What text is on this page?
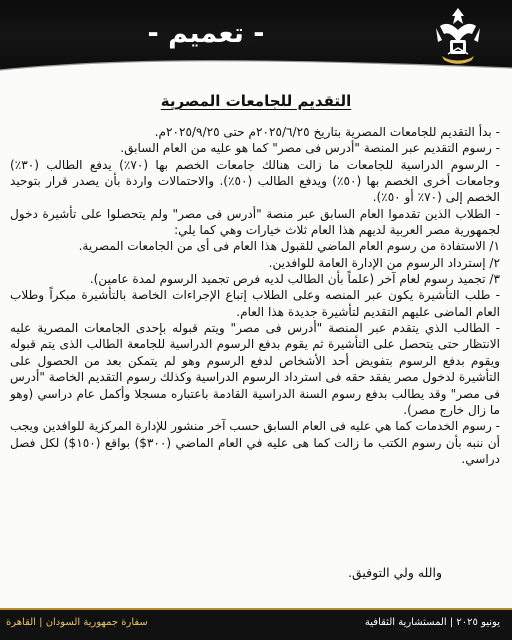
- تعميم -
التقديم للجامعات المصرية

- بدأ التقديم للجامعات المصرية بتاريخ ٢٠٢٥/٦/٢٥م حتى ٢٠٢٥/٩/٢٥م.

- رسوم التقديم عبر المنصة "أدرس فى مصر" كما هو عليه من العام السابق.

- الرسوم الدراسية للجامعات ما زالت هنالك جامعات الخصم بها (٧٠٪) يدفع الطالب (٣٠٪) وجامعات أخرى الخصم بها (٥٠٪) ويدفع الطالب (٥٠٪). والاحتمالات واردة بأن يصدر قرار بتوحيد الخصم إلى (٧٠٪ أو ٥٠٪).

- الطلاب الذين تقدموا العام السابق عبر منصة "أدرس فى مصر" ولم يتحصلوا على تأشيرة دخول لجمهورية مصر العربية لديهم هذا العام ثلاث خيارات وهي كما يلي:

١/ الاستفادة من رسوم العام الماضي للقبول هذا العام فى أى من الجامعات المصرية.

٢/ إسترداد الرسوم من الإدارة العامة للوافدين.

٣/ تجميد رسوم لعام آخر (علماً بأن الطالب لديه فرص تجميد الرسوم لمدة عامين).

- طلب التأشيرة يكون عبر المنصه وعلى الطلاب إتباع الإجراءات الخاصة بالتأشيرة مبكراً وطلاب العام الماضى عليهم التقديم لتأشيرة جديدة هذا العام.

- الطالب الذي يتقدم عبر المنصة "أدرس فى مصر" ويتم قبوله بإحدى الجامعات المصرية عليه الانتظار حتى يتحصل على التأشيرة ثم يقوم بدفع الرسوم الدراسية للجامعة الطالب الذى يتم قبوله ويقوم بدفع الرسوم بتفويض أحد الأشخاص لدفع الرسوم وهو لم يتمكن بعد من الحصول على التأشيرة لدخول مصر يفقد حقه فى استرداد الرسوم الدراسية وكذلك رسوم التقديم الخاصة "أدرس فى مصر" وقد يطالب بدفع رسوم السنة الدراسية القادمة باعتباره مسجلا وأكمل عام دراسي (وهو ما زال خارج مصر).

- رسوم الخدمات كما هي عليه فى العام السابق حسب آخر منشور للإدارة المركزية للوافدين ويجب أن ننبه بأن رسوم الكتب ما زالت كما هى عليه في العام الماضي (٣٠٠$) بواقع (١٥٠$) لكل فصل دراسي.

والله ولي التوفيق.
سفارة جمهورية السودان | القاهرة	يونيو ٢٠٢٥ | المستشارية الثقافية
